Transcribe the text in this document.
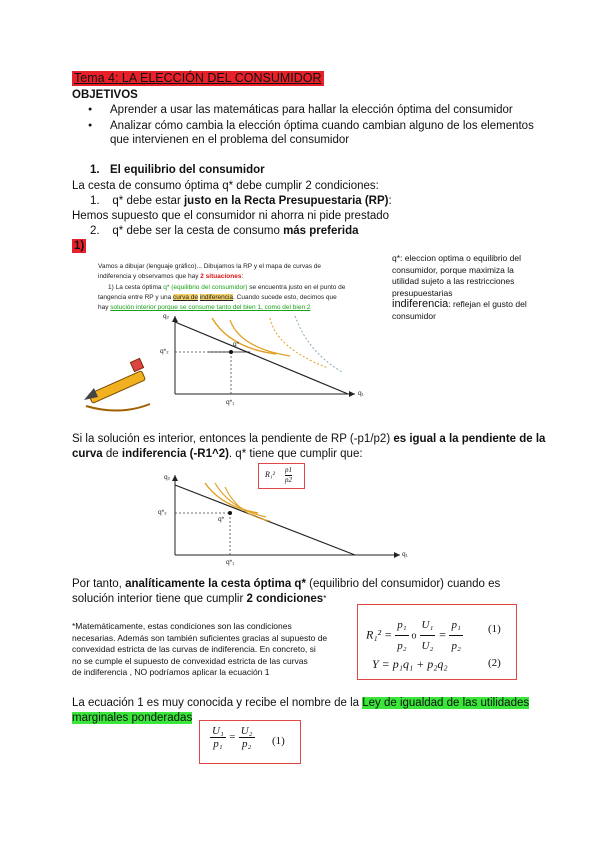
Tema 4: LA ELECCIÓN DEL CONSUMIDOR
OBJETIVOS
● Aprender a usar las matemáticas para hallar la elección óptima del consumidor
● Analizar cómo cambia la elección óptima cuando cambian alguno de los elementos
que intervienen en el problema del consumidor
1. El equilibrio del consumidor
La cesta de consumo óptima q* debe cumplir 2 condiciones:
1. q* debe estar justo en la Recta Presupuestaria (RP):
Hemos supuesto que el consumidor ni ahorra ni pide prestado
2. q* debe ser la cesta de consumo más preferida
1)
Vamos a dibujar (lenguaje gráfico)... Dibujamos la RP y el mapa de curvas de
indiferencia y observamos que hay 2 situaciones:
1) La cesta óptima q* (equilibrio del consumidor) se encuentra justo en el punto de
tangencia entre RP y una curva de indiferencia. Cuando sucede esto, decimos que
hay solución interior porque se consume tanto del bien 1, como del bien 2
q₂
q₁
q*
q*₂
q*₁
q*: eleccion optima o equilibrio del consumidor, porque maximiza la utilidad sujeto a las restricciones presupuestarias
indiferencia: reflejan el gusto del consumidor
Si la solución es interior, entonces la pendiente de RP (-p1/p2) es igual a la pendiente de la
curva de indiferencia (-R1^2). q* tiene que cumplir que:
q₂
q₁
q*
q*₂
q*₁
$R_1^2 \frac{p1}{p2}$
Por tanto, analíticamente la cesta óptima q* (equilibrio del consumidor) cuando es
solución interior tiene que cumplir 2 condiciones*
*Matemáticamente, estas condiciones son las condiciones
necesarias. Además son también suficientes gracias al supuesto de
convexidad estricta de las curvas de indiferencia. En concreto, si
no se cumple el supuesto de convexidad estricta de las curvas
de indiferencia , NO podríamos aplicar la ecuación 1
$R_1^2 = \frac{\text{p₁}}{\text{p₂}}$ o $\frac{\text{U₁}}{\text{U₂}} = \frac{\text{p₁}}{\text{p₂}} (1)$
Y = p₁q₁ + p₂q₂	(2)
La ecuación 1 es muy conocida y recibe el nombre de la Ley de igualdad de las utilidades
marginales ponderadas
$\frac{\text{U₁}}{\text{p₁}} = \frac{\text{U₂}}{\text{p₂}} (1)$
